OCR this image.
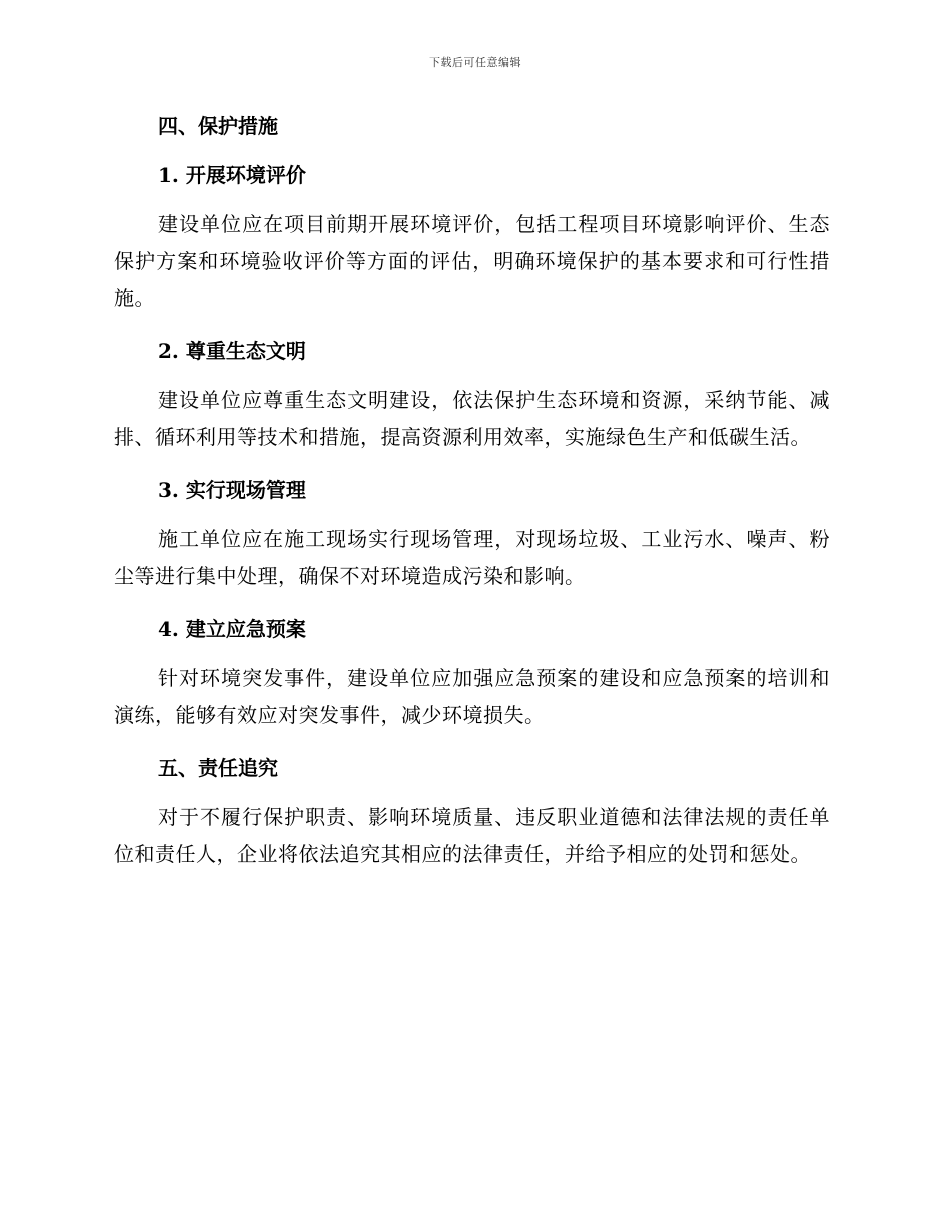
下载后可任意编辑
四、保护措施
1. 开展环境评价

建设单位应在项目前期开展环境评价，包括工程项目环境影响评价、生态保护方案和环境验收评价等方面的评估，明确环境保护的基本要求和可行性措施。

2. 尊重生态文明

建设单位应尊重生态文明建设，依法保护生态环境和资源，采纳节能、减排、循环利用等技术和措施，提高资源利用效率，实施绿色生产和低碳生活。

3. 实行现场管理

施工单位应在施工现场实行现场管理，对现场垃圾、工业污水、噪声、粉尘等进行集中处理，确保不对环境造成污染和影响。

4. 建立应急预案

针对环境突发事件，建设单位应加强应急预案的建设和应急预案的培训和演练，能够有效应对突发事件，减少环境损失。

五、责任追究

对于不履行保护职责、影响环境质量、违反职业道德和法律法规的责任单位和责任人，企业将依法追究其相应的法律责任，并给予相应的处罚和惩处。
